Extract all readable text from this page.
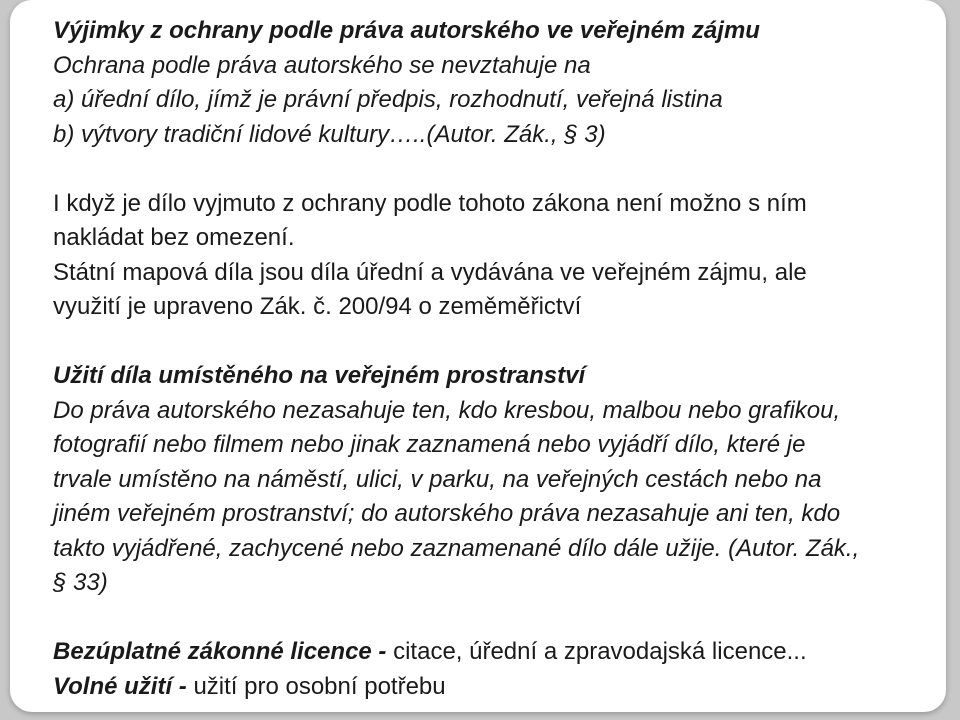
Výjimky z ochrany podle práva autorského ve veřejném zájmu
Ochrana podle práva autorského se nevztahuje na
a) úřední dílo, jímž je právní předpis, rozhodnutí, veřejná listina
b) výtvory tradiční lidové kultury…..(Autor. Zák., § 3)
I když je dílo vyjmuto z ochrany podle tohoto zákona není možno s ním
nakládat bez omezení.
Státní mapová díla jsou díla úřední a vydávána ve veřejném zájmu, ale
využití je upraveno Zák. č. 200/94 o zeměměřictví
Užití díla umístěného na veřejném prostranství
Do práva autorského nezasahuje ten, kdo kresbou, malbou nebo grafikou,
fotografií nebo filmem nebo jinak zaznamená nebo vyjádří dílo, které je
trvale umístěno na náměstí, ulici, v parku, na veřejných cestách nebo na
jiném veřejném prostranství; do autorského práva nezasahuje ani ten, kdo
takto vyjádřené, zachycené nebo zaznamenané dílo dále užije. (Autor. Zák.,
§ 33)
Bezúplatné zákonné licence - citace, úřední a zpravodajská licence...
Volné užití - užití pro osobní potřebu
